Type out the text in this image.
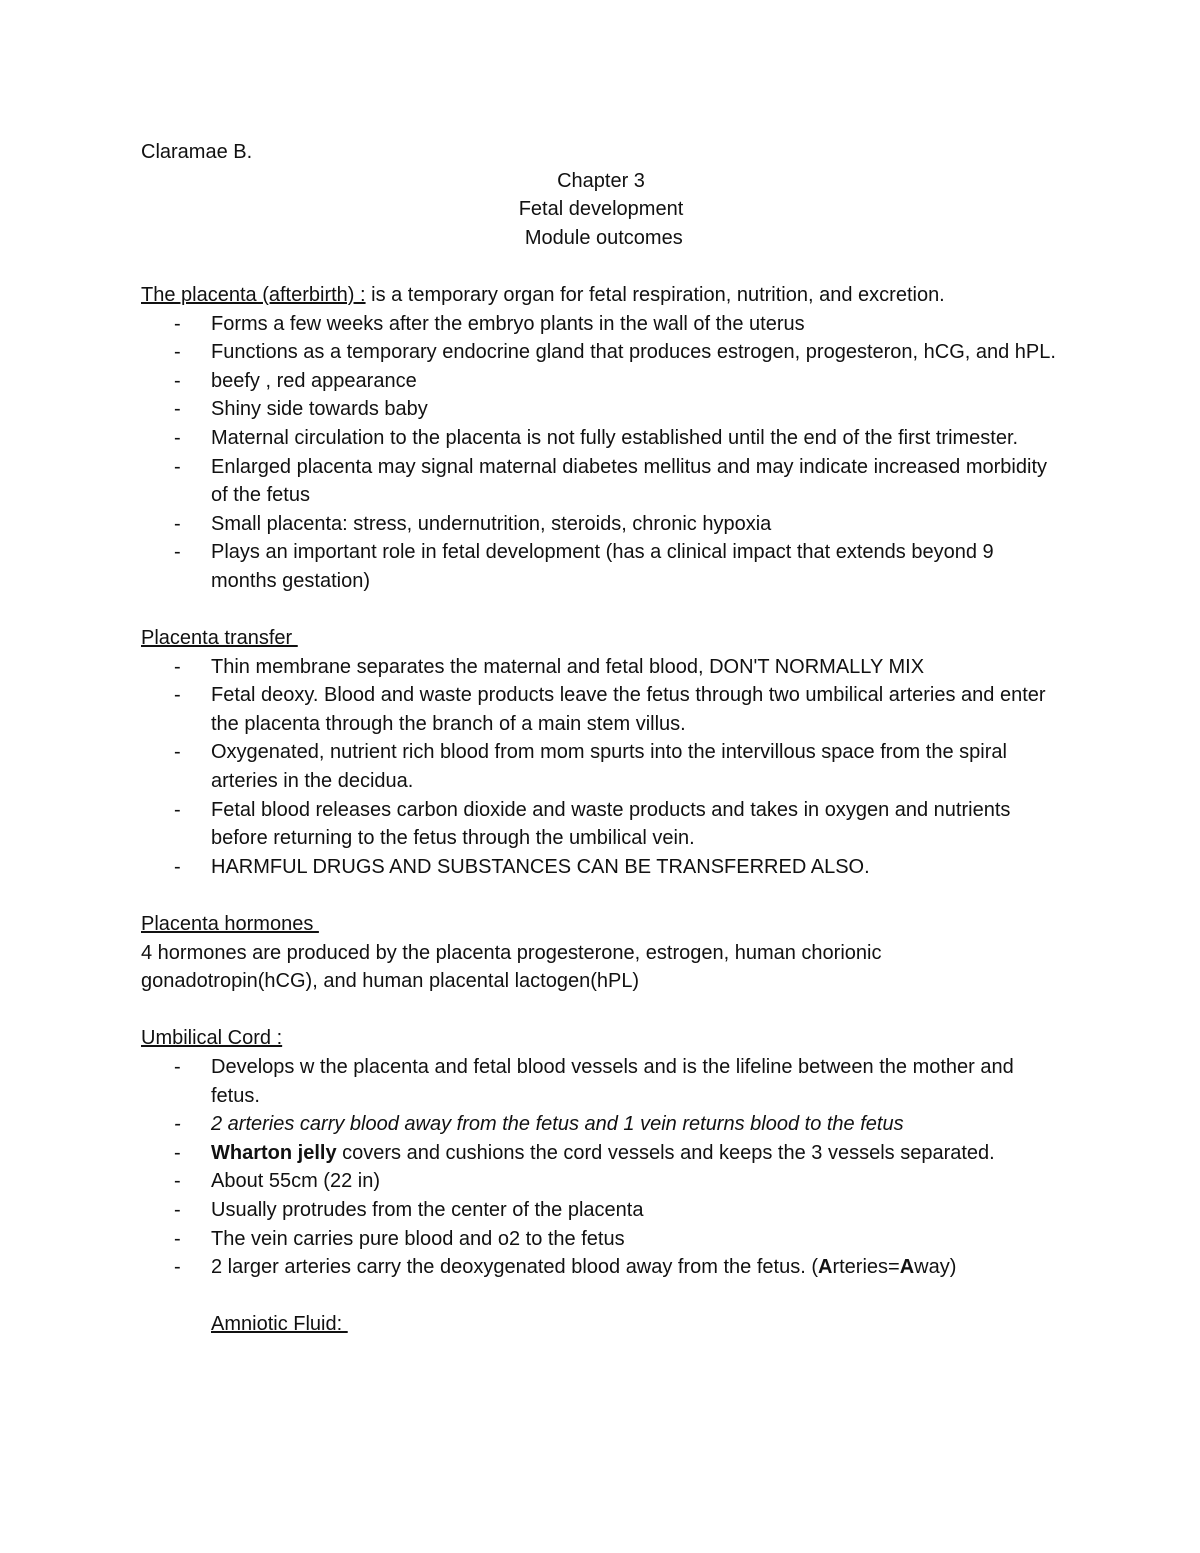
Claramae B.
Chapter 3
Fetal development
Module outcomes
The placenta (afterbirth) : is a temporary organ for fetal respiration, nutrition, and excretion.
- Forms a few weeks after the embryo plants in the wall of the uterus
- Functions as a temporary endocrine gland that produces estrogen, progesteron, hCG, and hPL.
- beefy , red appearance
- Shiny side towards baby
- Maternal circulation to the placenta is not fully established until the end of the first trimester.
- Enlarged placenta may signal maternal diabetes mellitus and may indicate increased morbidity of the fetus
- Small placenta: stress, undernutrition, steroids, chronic hypoxia
- Plays an important role in fetal development (has a clinical impact that extends beyond 9 months gestation)
Placenta transfer
- Thin membrane separates the maternal and fetal blood, DON'T NORMALLY MIX
- Fetal deoxy. Blood and waste products leave the fetus through two umbilical arteries and enter the placenta through the branch of a main stem villus.
- Oxygenated, nutrient rich blood from mom spurts into the intervillous space from the spiral arteries in the decidua.
- Fetal blood releases carbon dioxide and waste products and takes in oxygen and nutrients before returning to the fetus through the umbilical vein.
- HARMFUL DRUGS AND SUBSTANCES CAN BE TRANSFERRED ALSO.
Placenta hormones
4 hormones are produced by the placenta progesterone, estrogen, human chorionic gonadotropin(hCG), and human placental lactogen(hPL)
Umbilical Cord :
- Develops w the placenta and fetal blood vessels and is the lifeline between the mother and fetus.
- 2 arteries carry blood away from the fetus and 1 vein returns blood to the fetus
- Wharton jelly covers and cushions the cord vessels and keeps the 3 vessels separated.
- About 55cm (22 in)
- Usually protrudes from the center of the placenta
- The vein carries pure blood and o2 to the fetus
- 2 larger arteries carry the deoxygenated blood away from the fetus. (Arteries=Away)
Amniotic Fluid:
